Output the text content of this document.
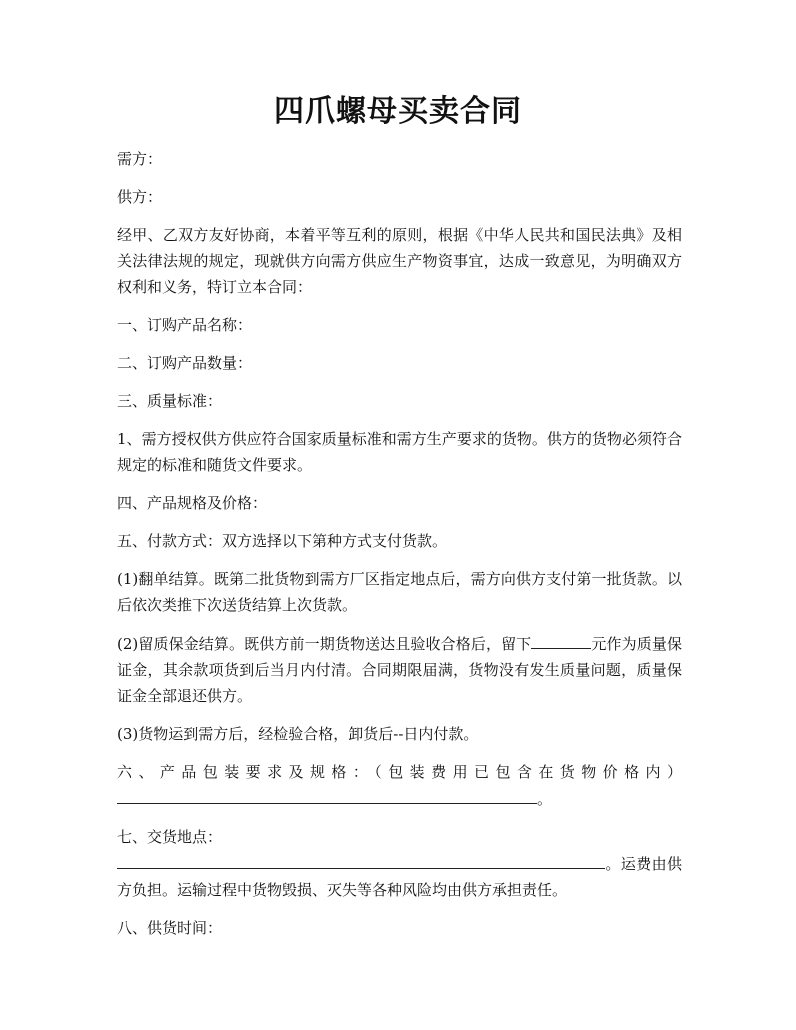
四爪螺母买卖合同

需方：

供方：

经甲、乙双方友好协商，本着平等互利的原则，根据《中华人民共和国民法典》及相关法律法规的规定，现就供方向需方供应生产物资事宜，达成一致意见，为明确双方权利和义务，特订立本合同：

一、订购产品名称：

二、订购产品数量：

三、质量标准：

1、需方授权供方供应符合国家质量标准和需方生产要求的货物。供方的货物必须符合规定的标准和随货文件要求。

四、产品规格及价格：

五、付款方式：双方选择以下第种方式支付货款。

(1)翻单结算。既第二批货物到需方厂区指定地点后，需方向供方支付第一批货款。以后依次类推下次送货结算上次货款。

(2)留质保金结算。既供方前一期货物送达且验收合格后，留下	元作为质量保证金，其余款项货到后当月内付清。合同期限届满，货物没有发生质量问题，质量保证金全部退还供方。

(3)货物运到需方后，经检验合格，卸货后--日内付款。

六、产品包装要求及规格：（包装费用已包含在货物价格内）。

七、交货地点：
。运费由供方负担。运输过程中货物毁损、灭失等各种风险均由供方承担责任。

八、供货时间：
